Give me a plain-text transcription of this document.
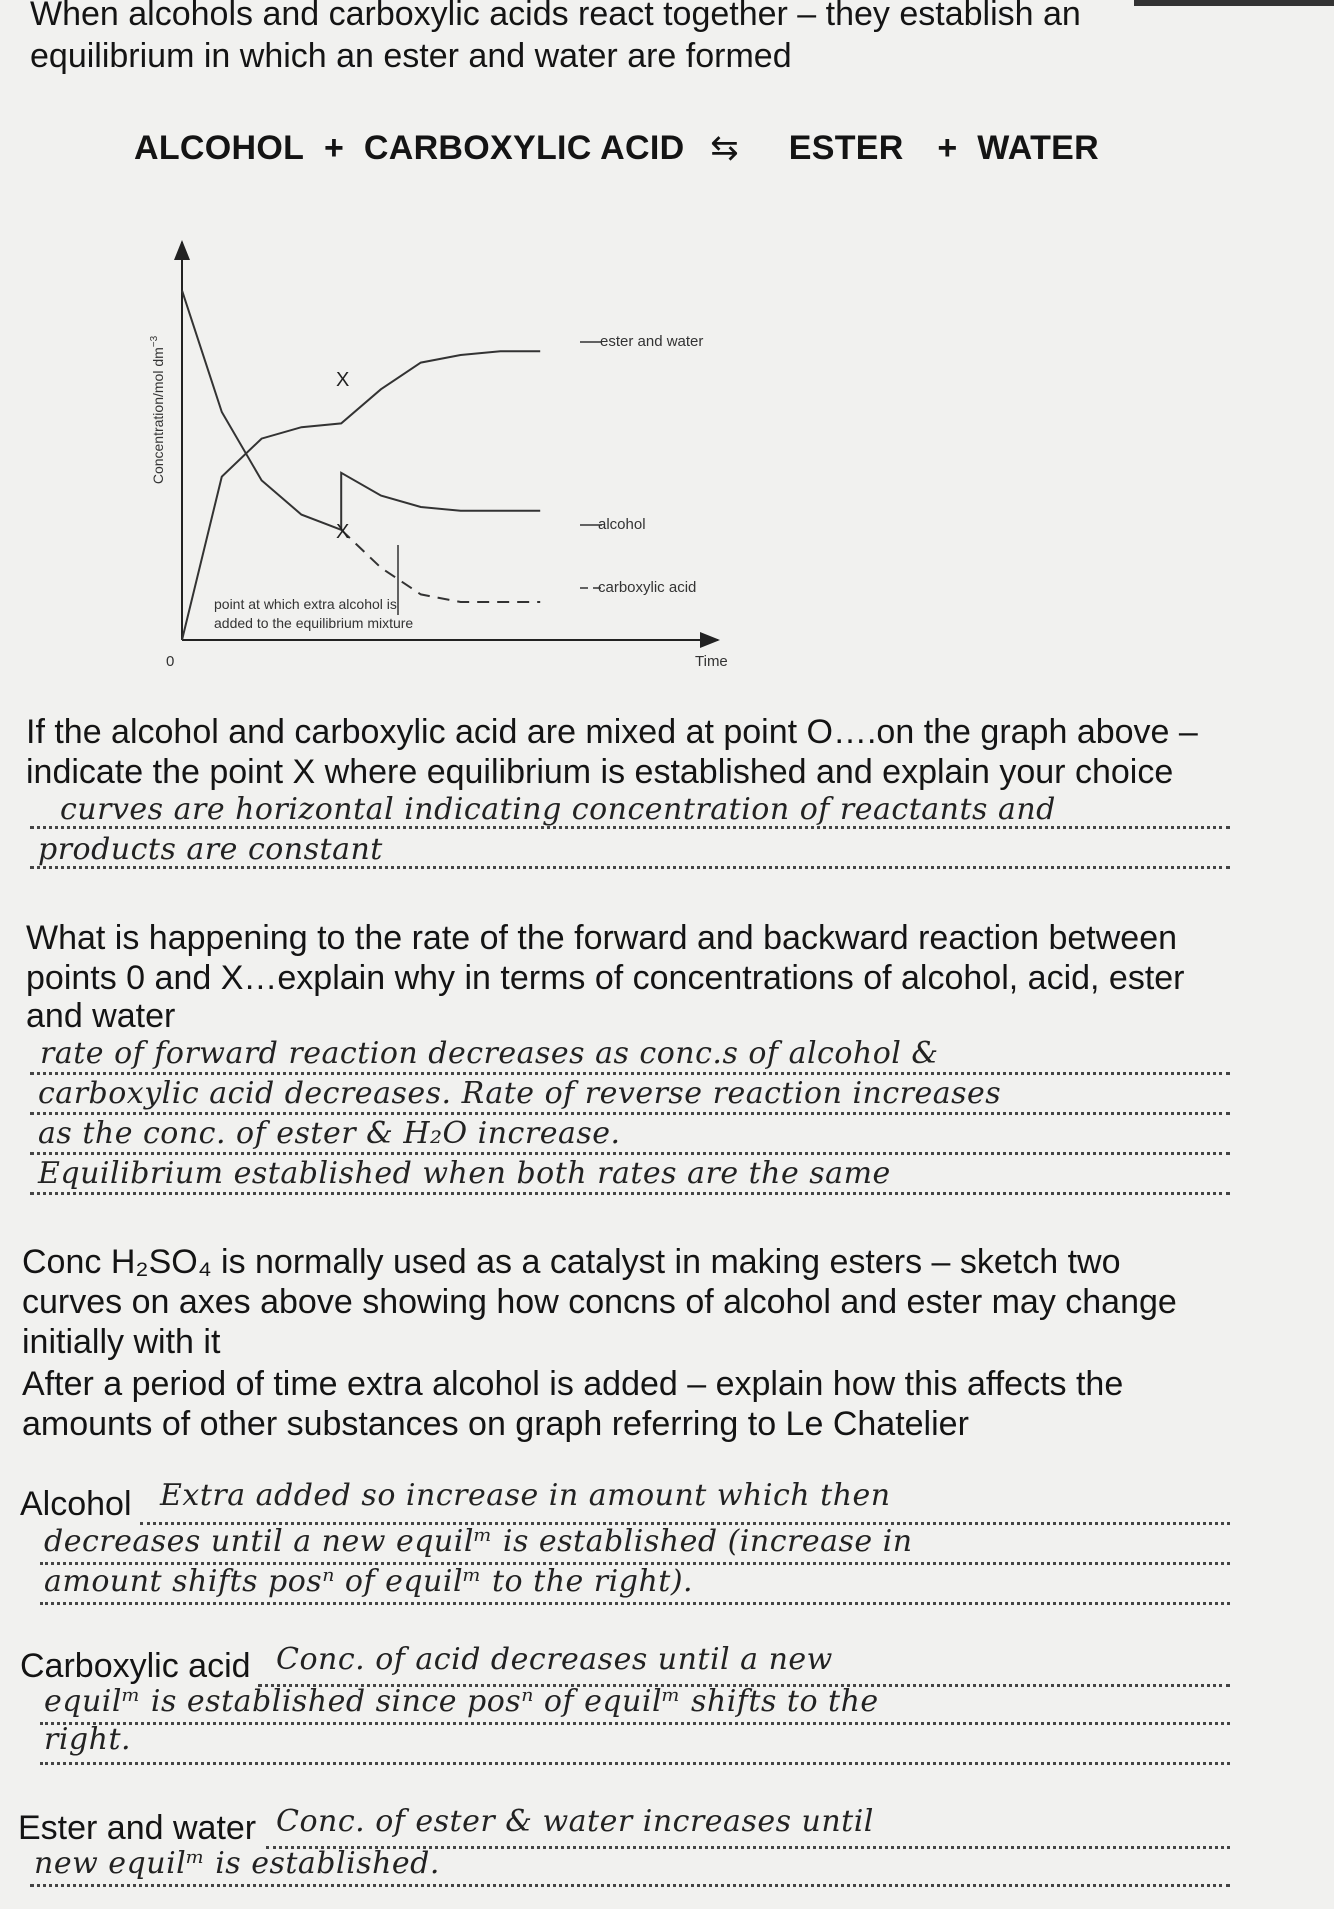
When alcohols and carboxylic acids react together – they establish an
equilibrium in which an ester and water are formed
ALCOHOL + CARBOXYLIC ACID ⇆ ESTER + WATER
Concentration/mol $dm^{-3}$
Time
0
ester and water
alcohol
carboxylic acid
point at which extra alcohol is
added to the equilibrium mixture
X
X
If the alcohol and carboxylic acid are mixed at point O….on the graph above –
indicate the point X where equilibrium is established and explain your choice
curves are horizontal indicating concentration of reactants and
products are constant
What is happening to the rate of the forward and backward reaction between
points 0 and X…explain why in terms of concentrations of alcohol, acid, ester
and water
rate of forward reaction decreases as conc.s of alcohol &
carboxylic acid decreases. Rate of reverse reaction increases
as the conc. of ester & H₂O increase.
Equilibrium established when both rates are the same
Conc H₂SO₄ is normally used as a catalyst in making esters – sketch two
curves on axes above showing how concns of alcohol and ester may change
initially with it
After a period of time extra alcohol is added – explain how this affects the
amounts of other substances on graph referring to Le Chatelier
Alcohol Extra added so increase in amount which then
decreases until a new equilᵐ is established (increase in
amount shifts posⁿ of equilᵐ to the right).
Carboxylic acid Conc. of acid decreases until a new
equilᵐ is established since posⁿ of equilᵐ shifts to the
right.
Ester and water Conc. of ester & water increases until
new equilᵐ is established.
